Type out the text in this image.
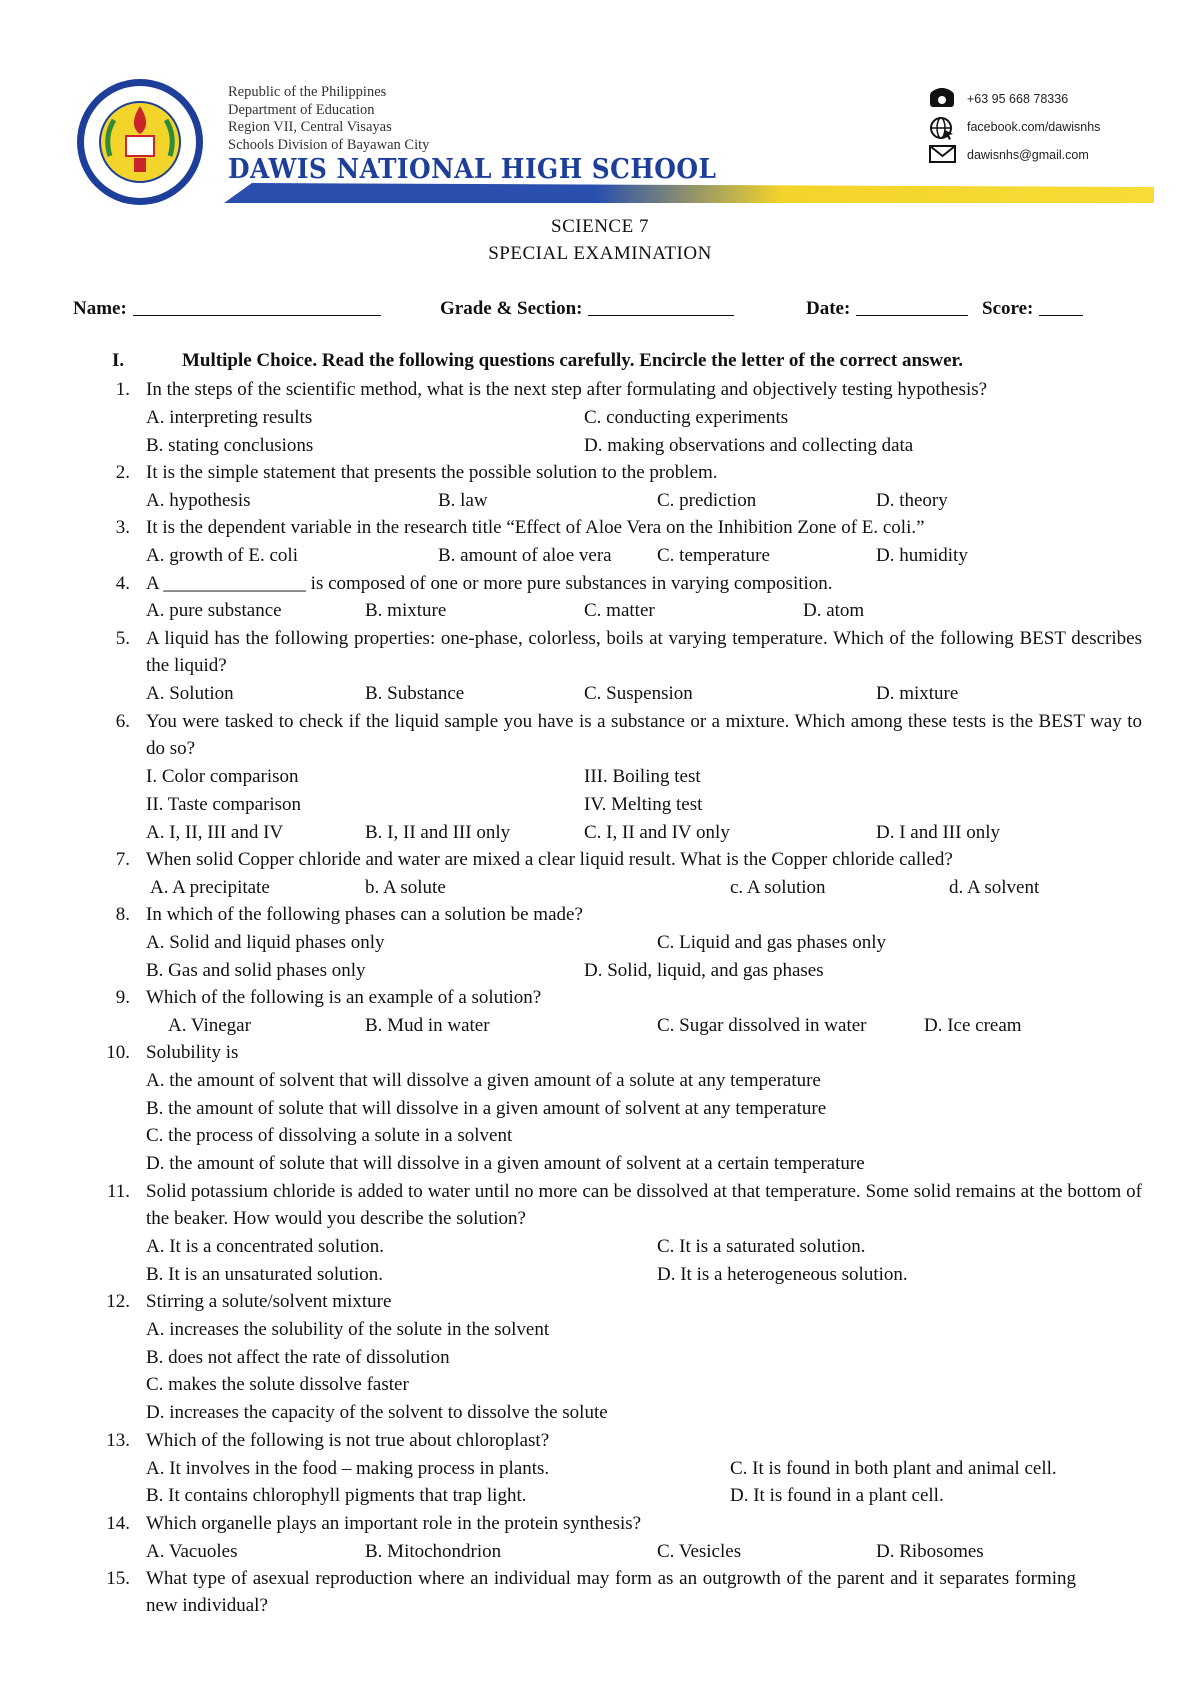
Republic of the Philippines
Department of Education
Region VII, Central Visayas
Schools Division of Bayawan City
DAWIS NATIONAL HIGH SCHOOL
+63 95 668 78336
facebook.com/dawisnhs
dawisnhs@gmail.com
SCIENCE 7
SPECIAL EXAMINATION
Name:	Grade & Section:	Date:	Score:
I.	Multiple Choice. Read the following questions carefully. Encircle the letter of the correct answer.
1. In the steps of the scientific method, what is the next step after formulating and objectively testing hypothesis?
A. interpreting results	C. conducting experiments
B. stating conclusions	D. making observations and collecting data
2. It is the simple statement that presents the possible solution to the problem.
A. hypothesis	B. law	C. prediction	D. theory
3. It is the dependent variable in the research title “Effect of Aloe Vera on the Inhibition Zone of E. coli.”
A. growth of E. coli	B. amount of aloe vera C. temperature	D. humidity
4. A _______________ is composed of one or more pure substances in varying composition.
A. pure substance	B. mixture	C. matter	D. atom
5. A liquid has the following properties: one-phase, colorless, boils at varying temperature. Which of the following BEST describes the liquid?
A. Solution	B. Substance	C. Suspension	D. mixture
6. You were tasked to check if the liquid sample you have is a substance or a mixture. Which among these tests is the BEST way to do so?
I. Color comparison	III. Boiling test
II. Taste comparison	IV. Melting test
A. I, II, III and IV	B. I, II and III only	C. I, II and IV only	D. I and III only
7. When solid Copper chloride and water are mixed a clear liquid result. What is the Copper chloride called?
A. A precipitate	b. A solute	c. A solution	d. A solvent
8. In which of the following phases can a solution be made?
A. Solid and liquid phases only	C. Liquid and gas phases only
B. Gas and solid phases only	D. Solid, liquid, and gas phases
9. Which of the following is an example of a solution?
A. Vinegar	B. Mud in water	C. Sugar dissolved in water	D. Ice cream
10. Solubility is
A. the amount of solvent that will dissolve a given amount of a solute at any temperature
B. the amount of solute that will dissolve in a given amount of solvent at any temperature
C. the process of dissolving a solute in a solvent
D. the amount of solute that will dissolve in a given amount of solvent at a certain temperature
11. Solid potassium chloride is added to water until no more can be dissolved at that temperature. Some solid remains at the bottom of the beaker. How would you describe the solution?
A. It is a concentrated solution.	C. It is a saturated solution.
B. It is an unsaturated solution.	D. It is a heterogeneous solution.
12. Stirring a solute/solvent mixture
A. increases the solubility of the solute in the solvent
B. does not affect the rate of dissolution
C. makes the solute dissolve faster
D. increases the capacity of the solvent to dissolve the solute
13. Which of the following is not true about chloroplast?
A. It involves in the food – making process in plants.	C. It is found in both plant and animal cell.
B. It contains chlorophyll pigments that trap light.	D. It is found in a plant cell.
14. Which organelle plays an important role in the protein synthesis?
A. Vacuoles	B. Mitochondrion	C. Vesicles	D. Ribosomes
15. What type of asexual reproduction where an individual may form as an outgrowth of the parent and it separates forming new individual?
